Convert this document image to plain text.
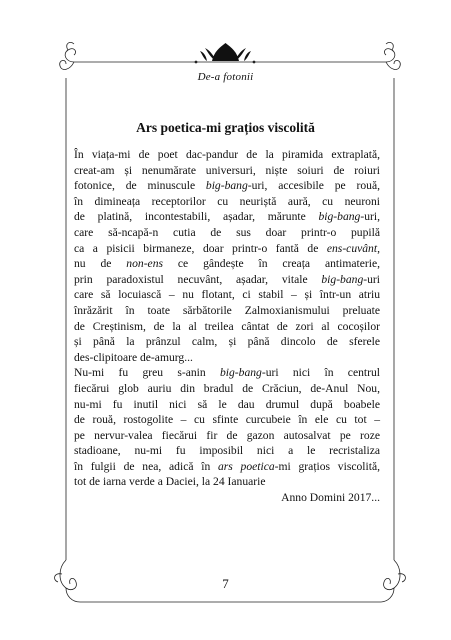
De-a fotonii
Ars poetica-mi grațios viscolită
În viața-mi de poet dac-pandur de la piramida extraplată,
creat-am și nenumărate universuri, niște soiuri de roiuri
fotonice, de minuscule big-bang-uri, accesibile pe rouă,
în dimineața receptorilor cu neuriștă aură, cu neuroni
de platină, incontestabili, așadar, mărunte big-bang-uri,
care să-ncapă-n cutia de sus doar printr-o pupilă
ca a pisicii birmaneze, doar printr-o fantă de ens-cuvânt,
nu de non-ens ce gândește în creața antimaterie,
prin paradoxistul necuvânt, așadar, vitale big-bang-uri
care să locuiască – nu flotant, ci stabil – și într-un atriu
înrăzărit în toate sărbătorile Zalmoxianismului preluate
de Creștinism, de la al treilea cântat de zori al cocoșilor
și până la prânzul calm, și până dincolo de sferele
des-clipitoare de-amurg...
Nu-mi fu greu s-anin big-bang-uri nici în centrul
fiecărui glob auriu din bradul de Crăciun, de-Anul Nou,
nu-mi fu inutil nici să le dau drumul după boabele
de rouă, rostogolite – cu sfinte curcubeie în ele cu tot –
pe nervur-valea fiecărui fir de gazon autosalvat pe roze
stadioane, nu-mi fu imposibil nici a le recristaliza
în fulgii de nea, adică în ars poetica-mi grațios viscolită,
tot de iarna verde a Daciei, la 24 Ianuarie
Anno Domini 2017...
7
